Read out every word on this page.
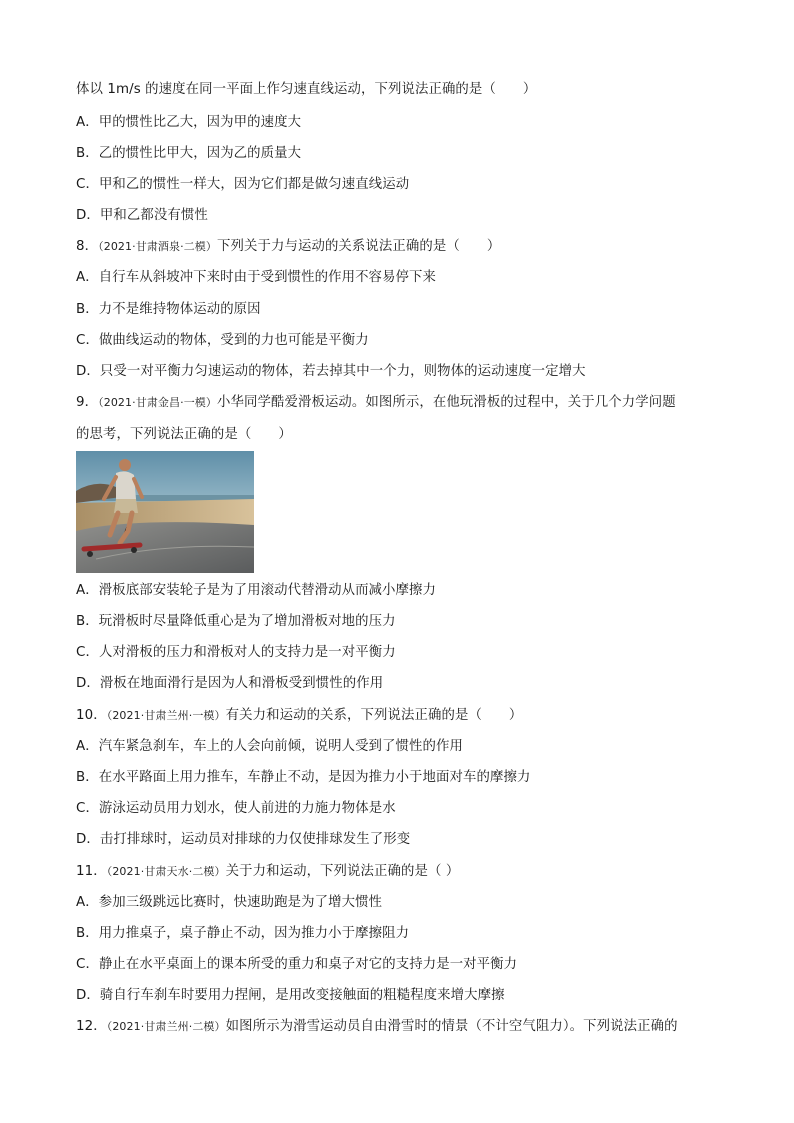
体以 1m/s 的速度在同一平面上作匀速直线运动，下列说法正确的是（　　）
A．甲的惯性比乙大，因为甲的速度大
B．乙的惯性比甲大，因为乙的质量大
C．甲和乙的惯性一样大，因为它们都是做匀速直线运动
D．甲和乙都没有惯性
8．（2021·甘肃酒泉·二模）下列关于力与运动的关系说法正确的是（　　）
A．自行车从斜坡冲下来时由于受到惯性的作用不容易停下来
B．力不是维持物体运动的原因
C．做曲线运动的物体，受到的力也可能是平衡力
D．只受一对平衡力匀速运动的物体，若去掉其中一个力，则物体的运动速度一定增大
9．（2021·甘肃金昌·一模）小华同学酷爱滑板运动。如图所示，在他玩滑板的过程中，关于几个力学问题
的思考，下列说法正确的是（　　）
A．滑板底部安装轮子是为了用滚动代替滑动从而减小摩擦力
B．玩滑板时尽量降低重心是为了增加滑板对地的压力
C．人对滑板的压力和滑板对人的支持力是一对平衡力
D．滑板在地面滑行是因为人和滑板受到惯性的作用
10．（2021·甘肃兰州·一模）有关力和运动的关系，下列说法正确的是（　　）
A．汽车紧急刹车，车上的人会向前倾，说明人受到了惯性的作用
B．在水平路面上用力推车，车静止不动，是因为推力小于地面对车的摩擦力
C．游泳运动员用力划水，使人前进的力施力物体是水
D．击打排球时，运动员对排球的力仅使排球发生了形变
11．（2021·甘肃天水·二模）关于力和运动，下列说法正确的是（ ）
A．参加三级跳远比赛时，快速助跑是为了增大惯性
B．用力推桌子，桌子静止不动，因为推力小于摩擦阻力
C．静止在水平桌面上的课本所受的重力和桌子对它的支持力是一对平衡力
D．骑自行车刹车时要用力捏闸，是用改变接触面的粗糙程度来增大摩擦
12．（2021·甘肃兰州·二模）如图所示为滑雪运动员自由滑雪时的情景（不计空气阻力）。下列说法正确的
